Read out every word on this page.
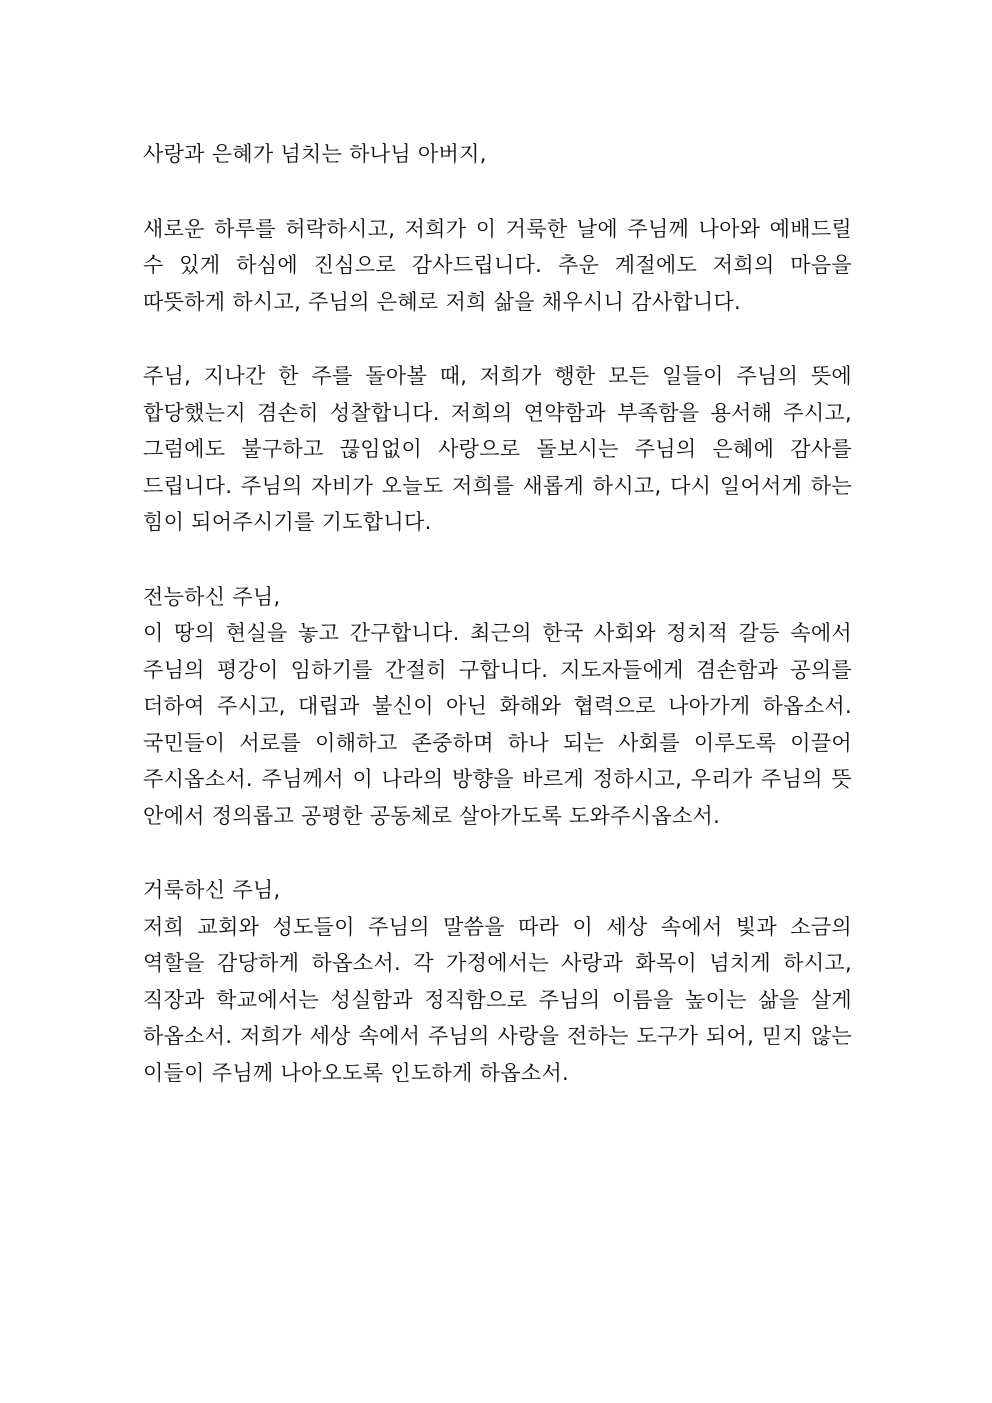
사랑과 은혜가 넘치는 하나님 아버지,

새로운 하루를 허락하시고, 저희가 이 거룩한 날에 주님께 나아와 예배드릴 수 있게 하심에 진심으로 감사드립니다. 추운 계절에도 저희의 마음을 따뜻하게 하시고, 주님의 은혜로 저희 삶을 채우시니 감사합니다.

주님, 지나간 한 주를 돌아볼 때, 저희가 행한 모든 일들이 주님의 뜻에 합당했는지 겸손히 성찰합니다. 저희의 연약함과 부족함을 용서해 주시고, 그럼에도 불구하고 끊임없이 사랑으로 돌보시는 주님의 은혜에 감사를 드립니다. 주님의 자비가 오늘도 저희를 새롭게 하시고, 다시 일어서게 하는 힘이 되어주시기를 기도합니다.

전능하신 주님,

이 땅의 현실을 놓고 간구합니다. 최근의 한국 사회와 정치적 갈등 속에서 주님의 평강이 임하기를 간절히 구합니다. 지도자들에게 겸손함과 공의를 더하여 주시고, 대립과 불신이 아닌 화해와 협력으로 나아가게 하옵소서. 국민들이 서로를 이해하고 존중하며 하나 되는 사회를 이루도록 이끌어 주시옵소서. 주님께서 이 나라의 방향을 바르게 정하시고, 우리가 주님의 뜻 안에서 정의롭고 공평한 공동체로 살아가도록 도와주시옵소서.

거룩하신 주님,

저희 교회와 성도들이 주님의 말씀을 따라 이 세상 속에서 빛과 소금의 역할을 감당하게 하옵소서. 각 가정에서는 사랑과 화목이 넘치게 하시고, 직장과 학교에서는 성실함과 정직함으로 주님의 이름을 높이는 삶을 살게 하옵소서. 저희가 세상 속에서 주님의 사랑을 전하는 도구가 되어, 믿지 않는 이들이 주님께 나아오도록 인도하게 하옵소서.
